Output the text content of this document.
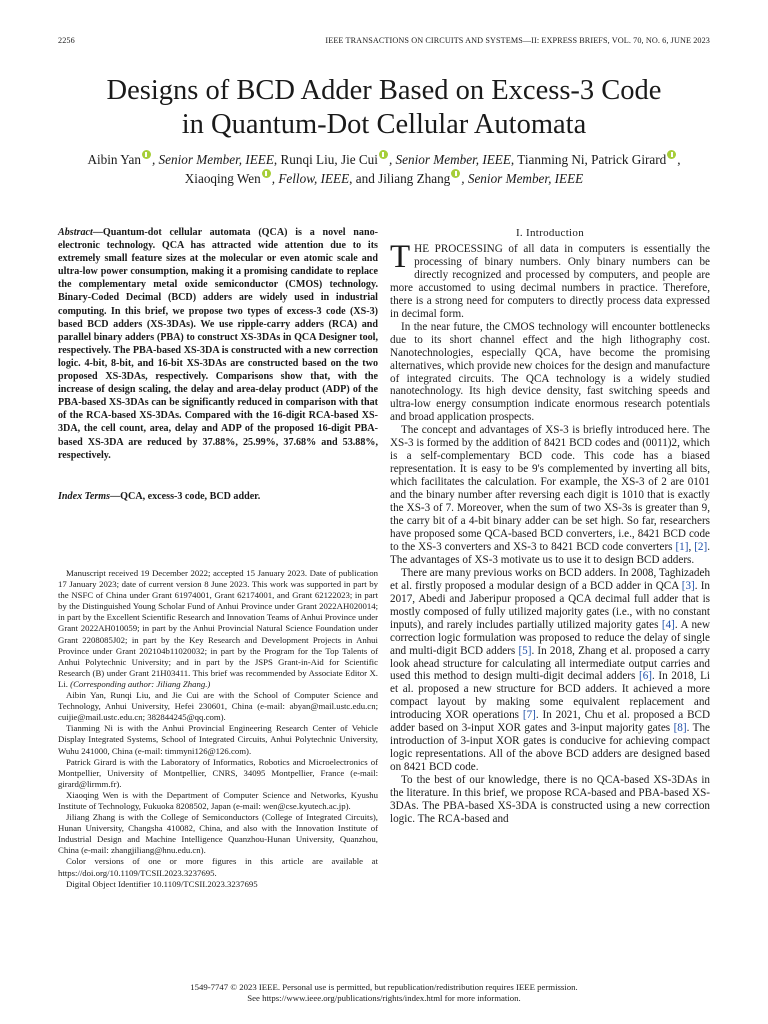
2256	IEEE TRANSACTIONS ON CIRCUITS AND SYSTEMS—II: EXPRESS BRIEFS, VOL. 70, NO. 6, JUNE 2023
Designs of BCD Adder Based on Excess-3 Code
in Quantum-Dot Cellular Automata
Aibin Yan , Senior Member, IEEE, Runqi Liu, Jie Cui , Senior Member, IEEE, Tianming Ni, Patrick Girard ,
Xiaoqing Wen , Fellow, IEEE, and Jiliang Zhang , Senior Member, IEEE
Abstract—Quantum-dot cellular automata (QCA) is a novel nano-electronic technology. QCA has attracted wide attention due to its extremely small feature sizes at the molecular or even atomic scale and ultra-low power consumption, making it a promising candidate to replace the complementary metal oxide semiconductor (CMOS) technology. Binary-Coded Decimal (BCD) adders are widely used in industrial computing. In this brief, we propose two types of excess-3 code (XS-3) based BCD adders (XS-3DAs). We use ripple-carry adders (RCA) and parallel binary adders (PBA) to construct XS-3DAs in QCA Designer tool, respectively. The PBA-based XS-3DA is constructed with a new correction logic. 4-bit, 8-bit, and 16-bit XS-3DAs are constructed based on the two proposed XS-3DAs, respectively. Comparisons show that, with the increase of design scaling, the delay and area-delay product (ADP) of the PBA-based XS-3DAs can be significantly reduced in comparison with that of the RCA-based XS-3DAs. Compared with the 16-digit RCA-based XS-3DA, the cell count, area, delay and ADP of the proposed 16-digit PBA-based XS-3DA are reduced by 37.88%, 25.99%, 37.68% and 53.88%, respectively.
Index Terms—QCA, excess-3 code, BCD adder.

Manuscript received 19 December 2022; accepted 15 January 2023. Date of publication 17 January 2023; date of current version 8 June 2023. This work was supported in part by the NSFC of China under Grant 61974001, Grant 62174001, and Grant 62122023; in part by the Distinguished Young Scholar Fund of Anhui Province under Grant 2022AH020014; in part by the Excellent Scientific Research and Innovation Teams of Anhui Province under Grant 2022AH010059; in part by the Anhui Provincial Natural Science Foundation under Grant 2208085J02; in part by the Key Research and Development Projects in Anhui Province under Grant 202104b11020032; in part by the Program for the Top Talents of Anhui Polytechnic University; and in part by the JSPS Grant-in-Aid for Scientific Research (B) under Grant 21H03411. This brief was recommended by Associate Editor X. Li. (Corresponding author: Jiliang Zhang.)

Aibin Yan, Runqi Liu, and Jie Cui are with the School of Computer Science and Technology, Anhui University, Hefei 230601, China (e-mail: abyan@mail.ustc.edu.cn; cuijie@mail.ustc.edu.cn; 382844245@qq.com).

Tianming Ni is with the Anhui Provincial Engineering Research Center of Vehicle Display Integrated Systems, School of Integrated Circuits, Anhui Polytechnic University, Wuhu 241000, China (e-mail: timmyni126@126.com).

Patrick Girard is with the Laboratory of Informatics, Robotics and Microelectronics of Montpellier, University of Montpellier, CNRS, 34095 Montpellier, France (e-mail: girard@lirmm.fr).

Xiaoqing Wen is with the Department of Computer Science and Networks, Kyushu Institute of Technology, Fukuoka 8208502, Japan (e-mail: wen@cse.kyutech.ac.jp).

Jiliang Zhang is with the College of Semiconductors (College of Integrated Circuits), Hunan University, Changsha 410082, China, and also with the Innovation Institute of Industrial Design and Machine Intelligence Quanzhou-Hunan University, Quanzhou, China (e-mail: zhangjiliang@hnu.edu.cn).

Color versions of one or more figures in this article are available at https://doi.org/10.1109/TCSII.2023.3237695.

Digital Object Identifier 10.1109/TCSII.2023.3237695

I. Introduction

THE PROCESSING of all data in computers is essentially the processing of binary numbers. Only binary numbers can be directly recognized and processed by computers, and people are more accustomed to using decimal numbers in practice. Therefore, there is a strong need for computers to directly process data expressed in decimal form.

In the near future, the CMOS technology will encounter bottlenecks due to its short channel effect and the high lithography cost. Nanotechnologies, especially QCA, have become the promising alternatives, which provide new choices for the design and manufacture of integrated circuits. The QCA technology is a widely studied nanotechnology. Its high device density, fast switching speeds and ultra-low energy consumption indicate enormous research potentials and broad application prospects.

The concept and advantages of XS-3 is briefly introduced here. The XS-3 is formed by the addition of 8421 BCD codes and (0011)2, which is a self-complementary BCD code. This code has a biased representation. It is easy to be 9's complemented by inverting all bits, which facilitates the calculation. For example, the XS-3 of 2 are 0101 and the binary number after reversing each digit is 1010 that is exactly the XS-3 of 7. Moreover, when the sum of two XS-3s is greater than 9, the carry bit of a 4-bit binary adder can be set high. So far, researchers have proposed some QCA-based BCD converters, i.e., 8421 BCD code to the XS-3 converters and XS-3 to 8421 BCD code converters [1], [2]. The advantages of XS-3 motivate us to use it to design BCD adders.

There are many previous works on BCD adders. In 2008, Taghizadeh et al. firstly proposed a modular design of a BCD adder in QCA [3]. In 2017, Abedi and Jaberipur proposed a QCA decimal full adder that is mostly composed of fully utilized majority gates (i.e., with no constant inputs), and rarely includes partially utilized majority gates [4]. A new correction logic formulation was proposed to reduce the delay of single and multi-digit BCD adders [5]. In 2018, Zhang et al. proposed a carry look ahead structure for calculating all intermediate output carries and used this method to design multi-digit decimal adders [6]. In 2018, Li et al. proposed a new structure for BCD adders. It achieved a more compact layout by making some equivalent replacement and introducing XOR operations [7]. In 2021, Chu et al. proposed a BCD adder based on 3-input XOR gates and 3-input majority gates [8]. The introduction of 3-input XOR gates is conducive for achieving compact logic representations. All of the above BCD adders are designed based on 8421 BCD code.

To the best of our knowledge, there is no QCA-based XS-3DAs in the literature. In this brief, we propose RCA-based and PBA-based XS-3DAs. The PBA-based XS-3DA is constructed using a new correction logic. The RCA-based and

1549-7747 © 2023 IEEE. Personal use is permitted, but republication/redistribution requires IEEE permission.
See https://www.ieee.org/publications/rights/index.html for more information.
